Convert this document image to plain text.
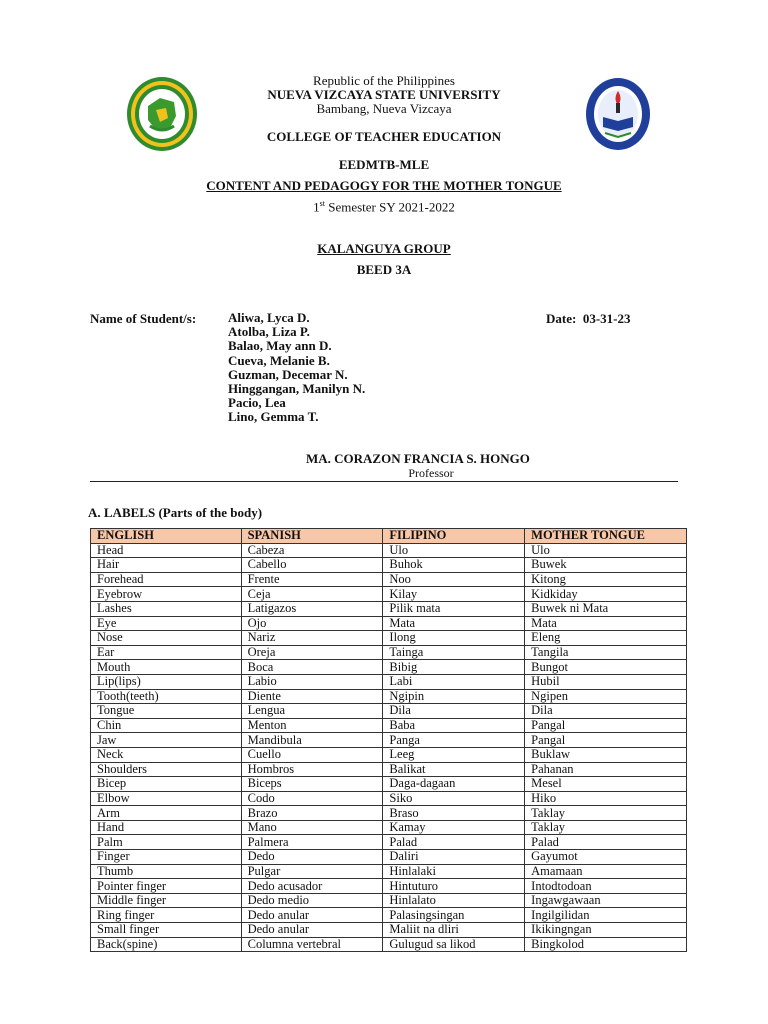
Republic of the Philippines
NUEVA VIZCAYA STATE UNIVERSITY
Bambang, Nueva Vizcaya
COLLEGE OF TEACHER EDUCATION
EEDMTB-MLE
CONTENT AND PEDAGOGY FOR THE MOTHER TONGUE
1st Semester SY 2021-2022
KALANGUYA GROUP
BEED 3A
Name of Student/s: Aliwa, Lyca D.
Atolba, Liza P.
Balao, May ann D.
Cueva, Melanie B.
Guzman, Decemar N.
Hinggangan, Manilyn N.
Pacio, Lea
Lino, Gemma T.
Date: 03-31-23
MA. CORAZON FRANCIA S. HONGO
Professor
A. LABELS (Parts of the body)
ENGLISH	SPANISH	FILIPINO	MOTHER TONGUE
Head	Cabeza	Ulo	Ulo
Hair	Cabello	Buhok	Buwek
Forehead	Frente	Noo	Kitong
Eyebrow	Ceja	Kilay	Kidkiday
Lashes	Latigazos	Pilik mata	Buwek ni Mata
Eye	Ojo	Mata	Mata
Nose	Nariz	Ilong	Eleng
Ear	Oreja	Tainga	Tangila
Mouth	Boca	Bibig	Bungot
Lip(lips)	Labio	Labi	Hubil
Tooth(teeth)	Diente	Ngipin	Ngipen
Tongue	Lengua	Dila	Dila
Chin	Menton	Baba	Pangal
Jaw	Mandibula	Panga	Pangal
Neck	Cuello	Leeg	Buklaw
Shoulders	Hombros	Balikat	Pahanan
Bicep	Biceps	Daga-dagaan	Mesel
Elbow	Codo	Siko	Hiko
Arm	Brazo	Braso	Taklay
Hand	Mano	Kamay	Taklay
Palm	Palmera	Palad	Palad
Finger	Dedo	Daliri	Gayumot
Thumb	Pulgar	Hinlalaki	Amamaan
Pointer finger	Dedo acusador	Hintuturo	Intodtodoan
Middle finger	Dedo medio	Hinlalato	Ingawgawaan
Ring finger	Dedo anular	Palasingsingan	Ingilgilidan
Small finger	Dedo anular	Maliit na dliri	Ikikingngan
Back(spine)	Columna vertebral	Gulugud sa likod	Bingkolod
